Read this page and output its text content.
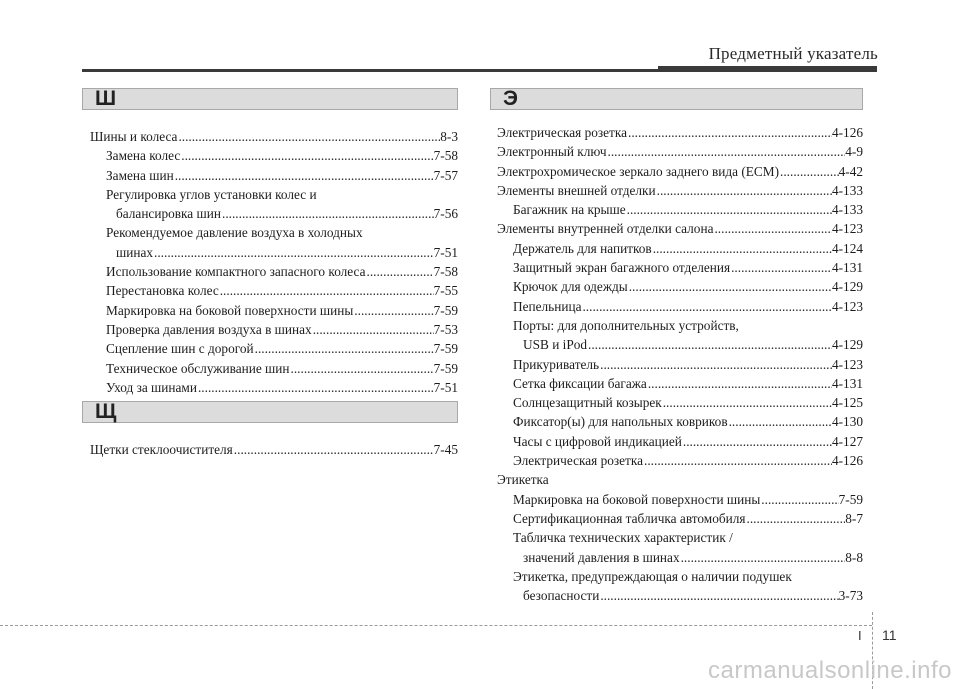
Предметный указатель
Ш
Шины и колеса .....	8-3
Замена колес .....	7-58
Замена шин .....	7-57
Регулировка углов установки колес и
балансировка шин .....	7-56
Рекомендуемое давление воздуха в холодных
шинах .....	7-51
Использование компактного запасного колеса .....	7-58
Перестановка колес .....	7-55
Маркировка на боковой поверхности шины .....	7-59
Проверка давления воздуха в шинах .....	7-53
Сцепление шин с дорогой .....	7-59
Техническое обслуживание шин .....	7-59
Уход за шинами .....	7-51
Щ
Щетки стеклоочистителя .....	7-45
Э
Электрическая розетка .....	4-126
Электронный ключ .....	4-9
Электрохромическое зеркало заднего вида (ECM) .....	4-42
Элементы внешней отделки .....	4-133
Багажник на крыше .....	4-133
Элементы внутренней отделки салона .....	4-123
Держатель для напитков .....	4-124
Защитный экран багажного отделения .....	4-131
Крючок для одежды .....	4-129
Пепельница .....	4-123
Порты: для дополнительных устройств,
USB и iPod .....	4-129
Прикуриватель .....	4-123
Сетка фиксации багажа .....	4-131
Солнцезащитный козырек .....	4-125
Фиксатор(ы) для напольных ковриков .....	4-130
Часы с цифровой индикацией .....	4-127
Электрическая розетка .....	4-126
Этикетка
Маркировка на боковой поверхности шины .....	7-59
Сертификационная табличка автомобиля .....	8-7
Табличка технических характеристик /
значений давления в шинах .....	8-8
Этикетка, предупреждающая о наличии подушек
безопасности .....	3-73
I 11
carmanualsonline.info
